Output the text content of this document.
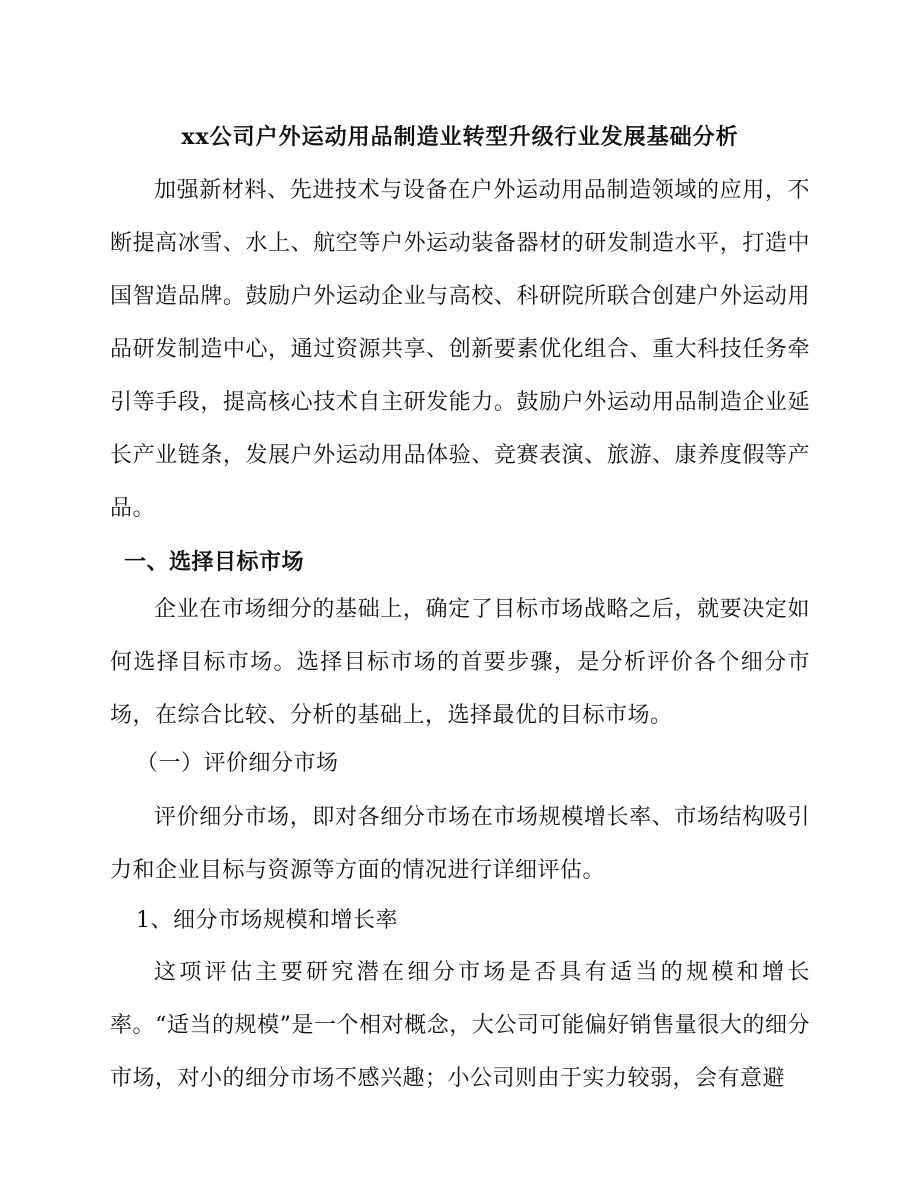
xx公司户外运动用品制造业转型升级行业发展基础分析
加强新材料、先进技术与设备在户外运动用品制造领域的应用，不断提高冰雪、水上、航空等户外运动装备器材的研发制造水平，打造中国智造品牌。鼓励户外运动企业与高校、科研院所联合创建户外运动用品研发制造中心，通过资源共享、创新要素优化组合、重大科技任务牵引等手段，提高核心技术自主研发能力。鼓励户外运动用品制造企业延长产业链条，发展户外运动用品体验、竞赛表演、旅游、康养度假等产品。
一、选择目标市场
企业在市场细分的基础上，确定了目标市场战略之后，就要决定如何选择目标市场。选择目标市场的首要步骤，是分析评价各个细分市场，在综合比较、分析的基础上，选择最优的目标市场。
（一）评价细分市场
评价细分市场，即对各细分市场在市场规模增长率、市场结构吸引力和企业目标与资源等方面的情况进行详细评估。
1、细分市场规模和增长率
这项评估主要研究潜在细分市场是否具有适当的规模和增长率。“适当的规模”是一个相对概念，大公司可能偏好销售量很大的细分市场，对小的细分市场不感兴趣；小公司则由于实力较弱，会有意避
